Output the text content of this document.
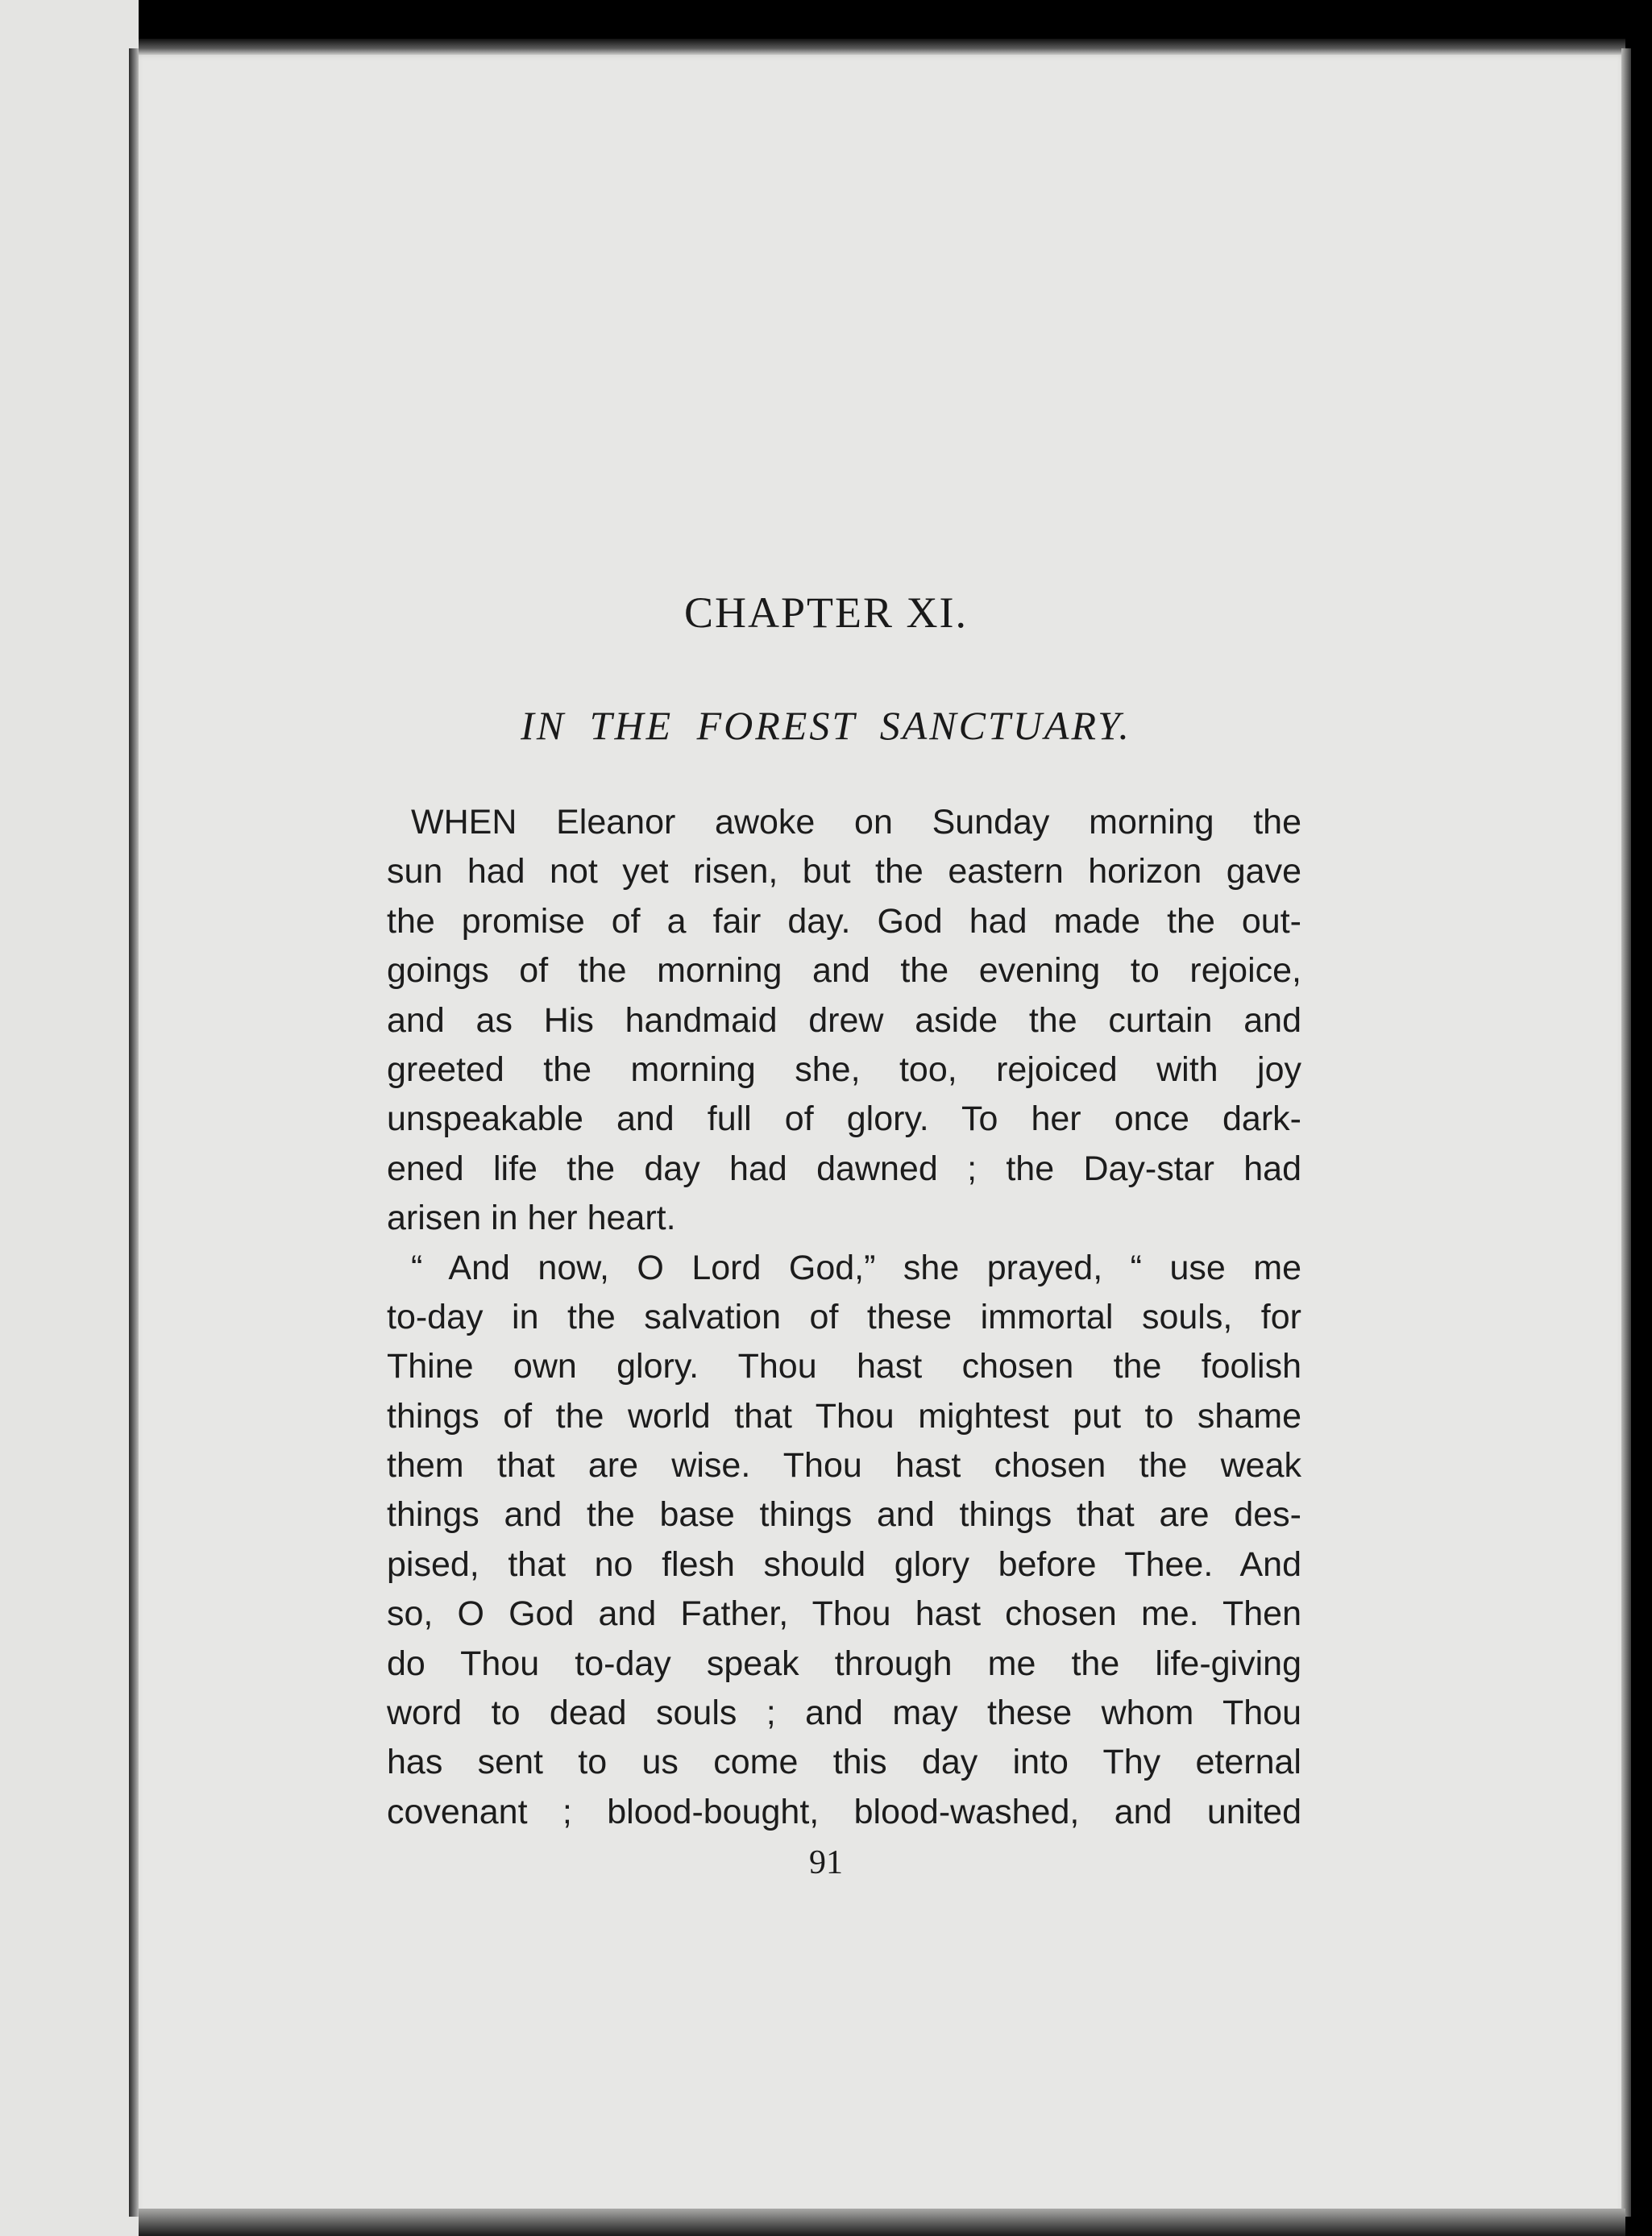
CHAPTER XI.
IN THE FOREST SANCTUARY.
WHEN Eleanor awoke on Sunday morning the
sun had not yet risen, but the eastern horizon gave
the promise of a fair day. God had made the out-
goings of the morning and the evening to rejoice,
and as His handmaid drew aside the curtain and
greeted the morning she, too, rejoiced with joy
unspeakable and full of glory. To her once dark-
ened life the day had dawned ; the Day-star had
arisen in her heart.
“ And now, O Lord God,” she prayed, “ use me
to-day in the salvation of these immortal souls, for
Thine own glory. Thou hast chosen the foolish
things of the world that Thou mightest put to shame
them that are wise. Thou hast chosen the weak
things and the base things and things that are des-
pised, that no flesh should glory before Thee. And
so, O God and Father, Thou hast chosen me. Then
do Thou to-day speak through me the life-giving
word to dead souls ; and may these whom Thou
has sent to us come this day into Thy eternal
covenant ; blood-bought, blood-washed, and united
91
